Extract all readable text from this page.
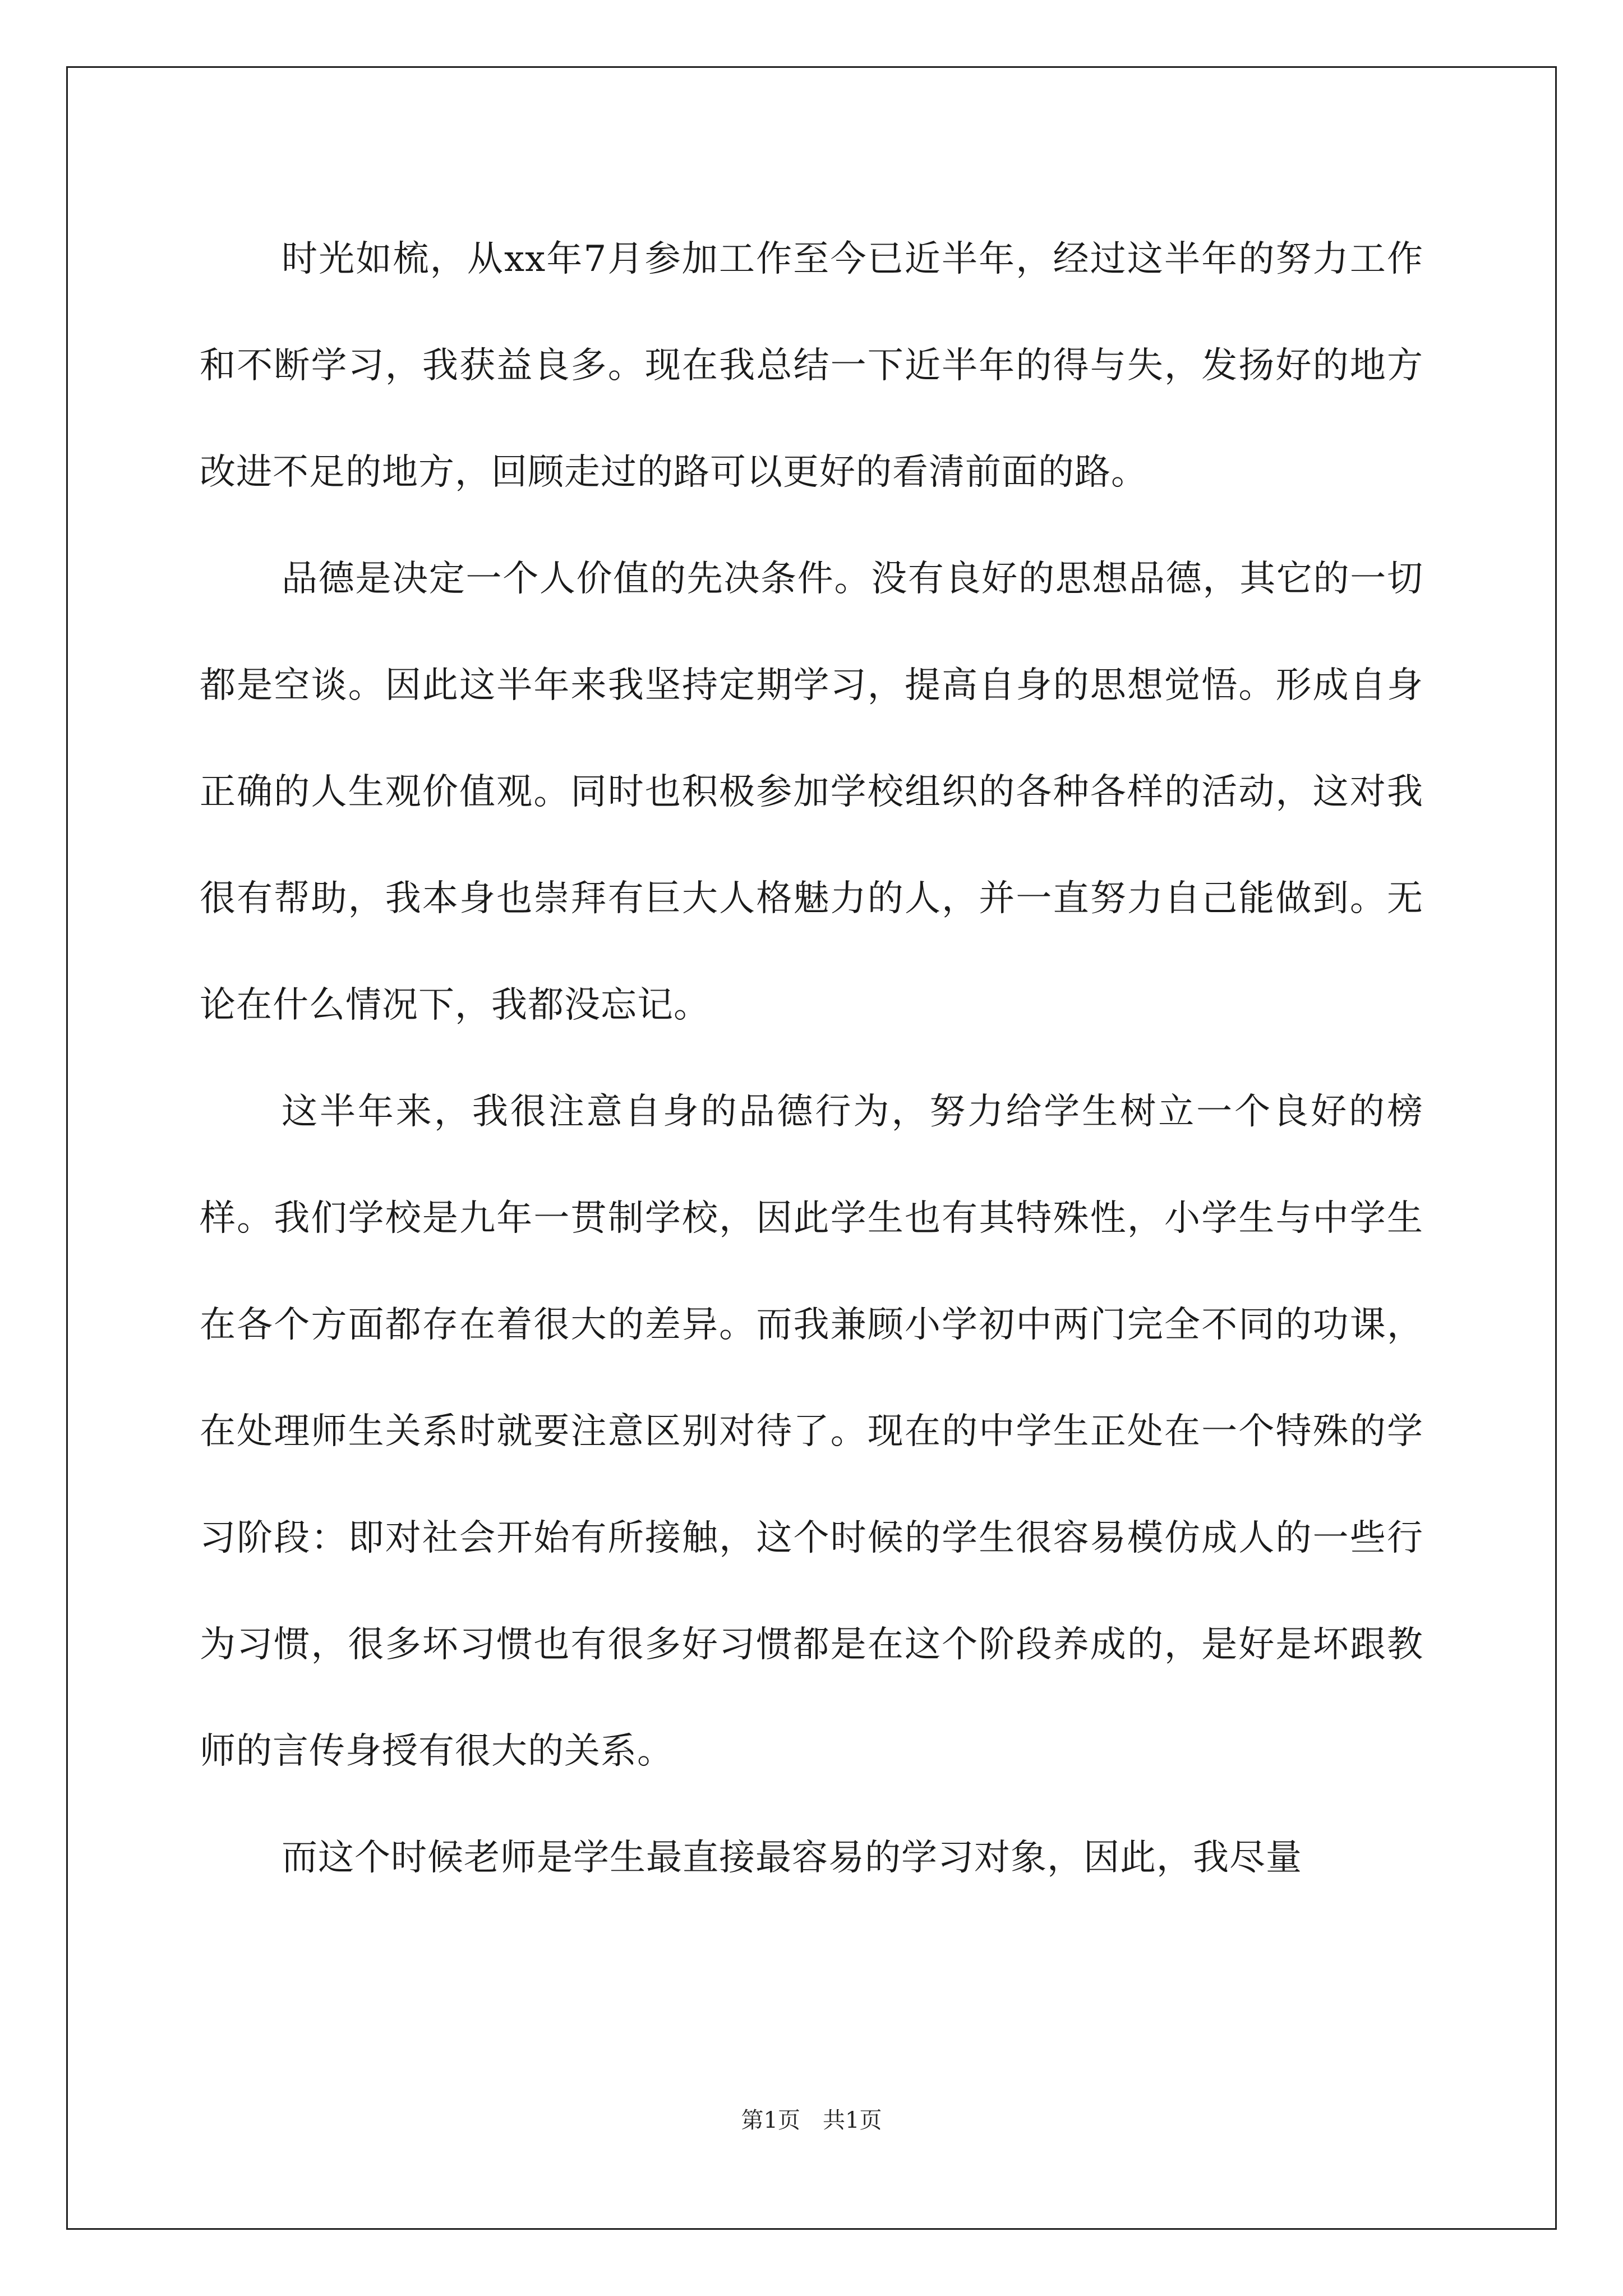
时光如梳，从xx年7月参加工作至今已近半年，经过这半年的努力工作和不断学习，我获益良多。现在我总结一下近半年的得与失，发扬好的地方改进不足的地方，回顾走过的路可以更好的看清前面的路。

品德是决定一个人价值的先决条件。没有良好的思想品德，其它的一切都是空谈。因此这半年来我坚持定期学习，提高自身的思想觉悟。形成自身正确的人生观价值观。同时也积极参加学校组织的各种各样的活动，这对我很有帮助，我本身也崇拜有巨大人格魅力的人，并一直努力自己能做到。无论在什么情况下，我都没忘记。

这半年来，我很注意自身的品德行为，努力给学生树立一个良好的榜样。我们学校是九年一贯制学校，因此学生也有其特殊性，小学生与中学生在各个方面都存在着很大的差异。而我兼顾小学初中两门完全不同的功课，在处理师生关系时就要注意区别对待了。现在的中学生正处在一个特殊的学习阶段：即对社会开始有所接触，这个时候的学生很容易模仿成人的一些行为习惯，很多坏习惯也有很多好习惯都是在这个阶段养成的，是好是坏跟教师的言传身授有很大的关系。

而这个时候老师是学生最直接最容易的学习对象，因此，我尽量

第1页　共1页
